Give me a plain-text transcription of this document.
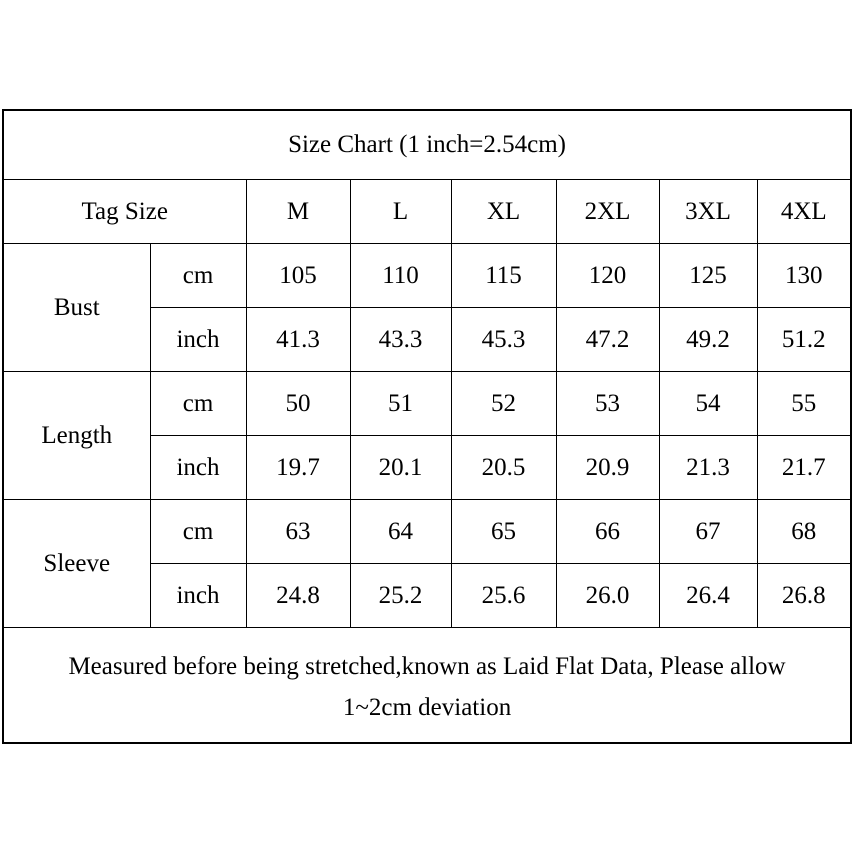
Size Chart (1 inch=2.54cm)							
Tag Size		M	L	XL	2XL	3XL	4XL
Bust	cm	105	110	115	120	125	130
	inch	41.3	43.3	45.3	47.2	49.2	51.2
Length	cm	50	51	52	53	54	55
	inch	19.7	20.1	20.5	20.9	21.3	21.7
Sleeve	cm	63	64	65	66	67	68
	inch	24.8	25.2	25.6	26.0	26.4	26.8

Measured before being stretched,known as Laid Flat Data, Please allow
1~2cm deviation							
